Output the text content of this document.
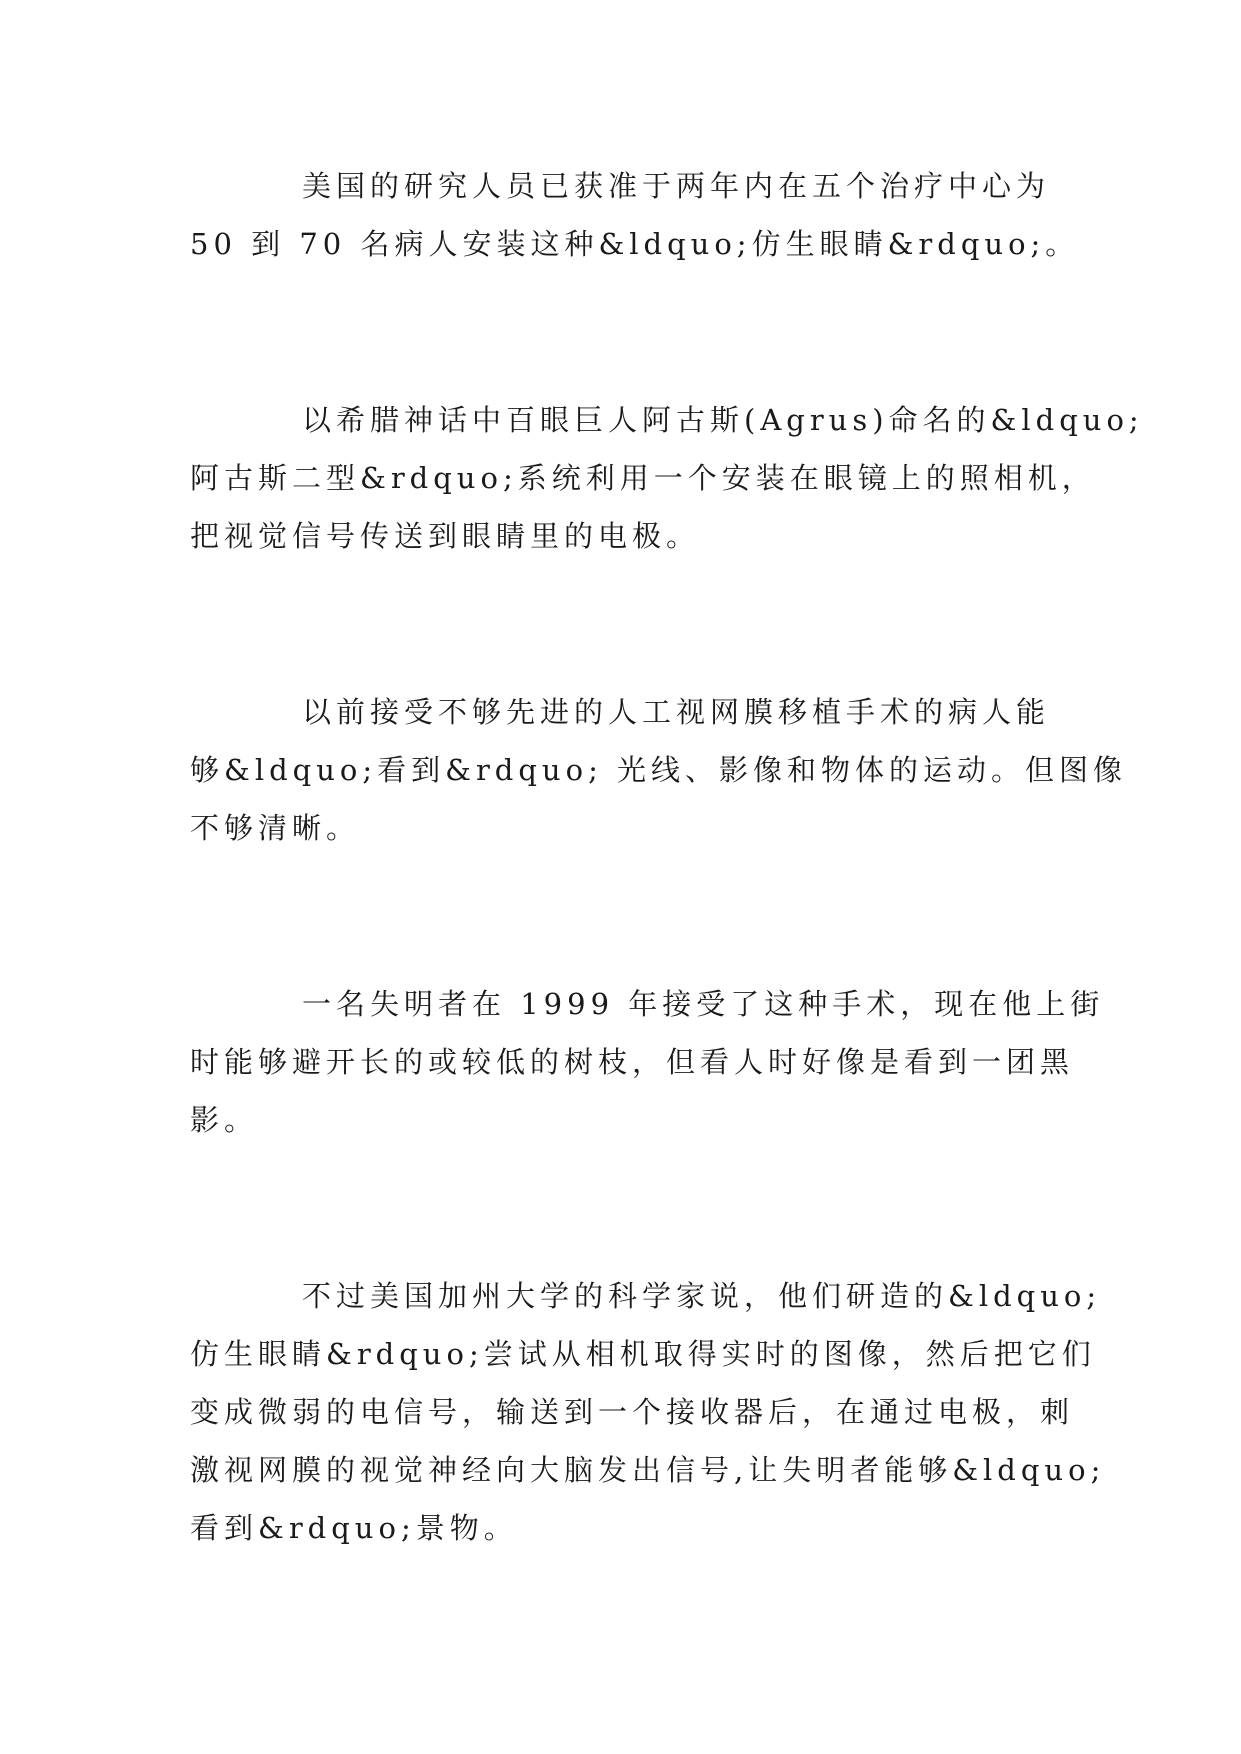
美国的研究人员已获准于两年内在五个治疗中心为
50 到 70 名病人安装这种&ldquo;仿生眼睛&rdquo;。
以希腊神话中百眼巨人阿古斯(Agrus)命名的&ldquo;
阿古斯二型&rdquo;系统利用一个安装在眼镜上的照相机，
把视觉信号传送到眼睛里的电极。
以前接受不够先进的人工视网膜移植手术的病人能
够&ldquo;看到&rdquo; 光线、影像和物体的运动。但图像
不够清晰。
一名失明者在 1999 年接受了这种手术，现在他上街
时能够避开长的或较低的树枝，但看人时好像是看到一团黑
影。
不过美国加州大学的科学家说，他们研造的&ldquo;
仿生眼睛&rdquo;尝试从相机取得实时的图像，然后把它们
变成微弱的电信号，输送到一个接收器后，在通过电极，刺
激视网膜的视觉神经向大脑发出信号,让失明者能够&ldquo;
看到&rdquo;景物。
